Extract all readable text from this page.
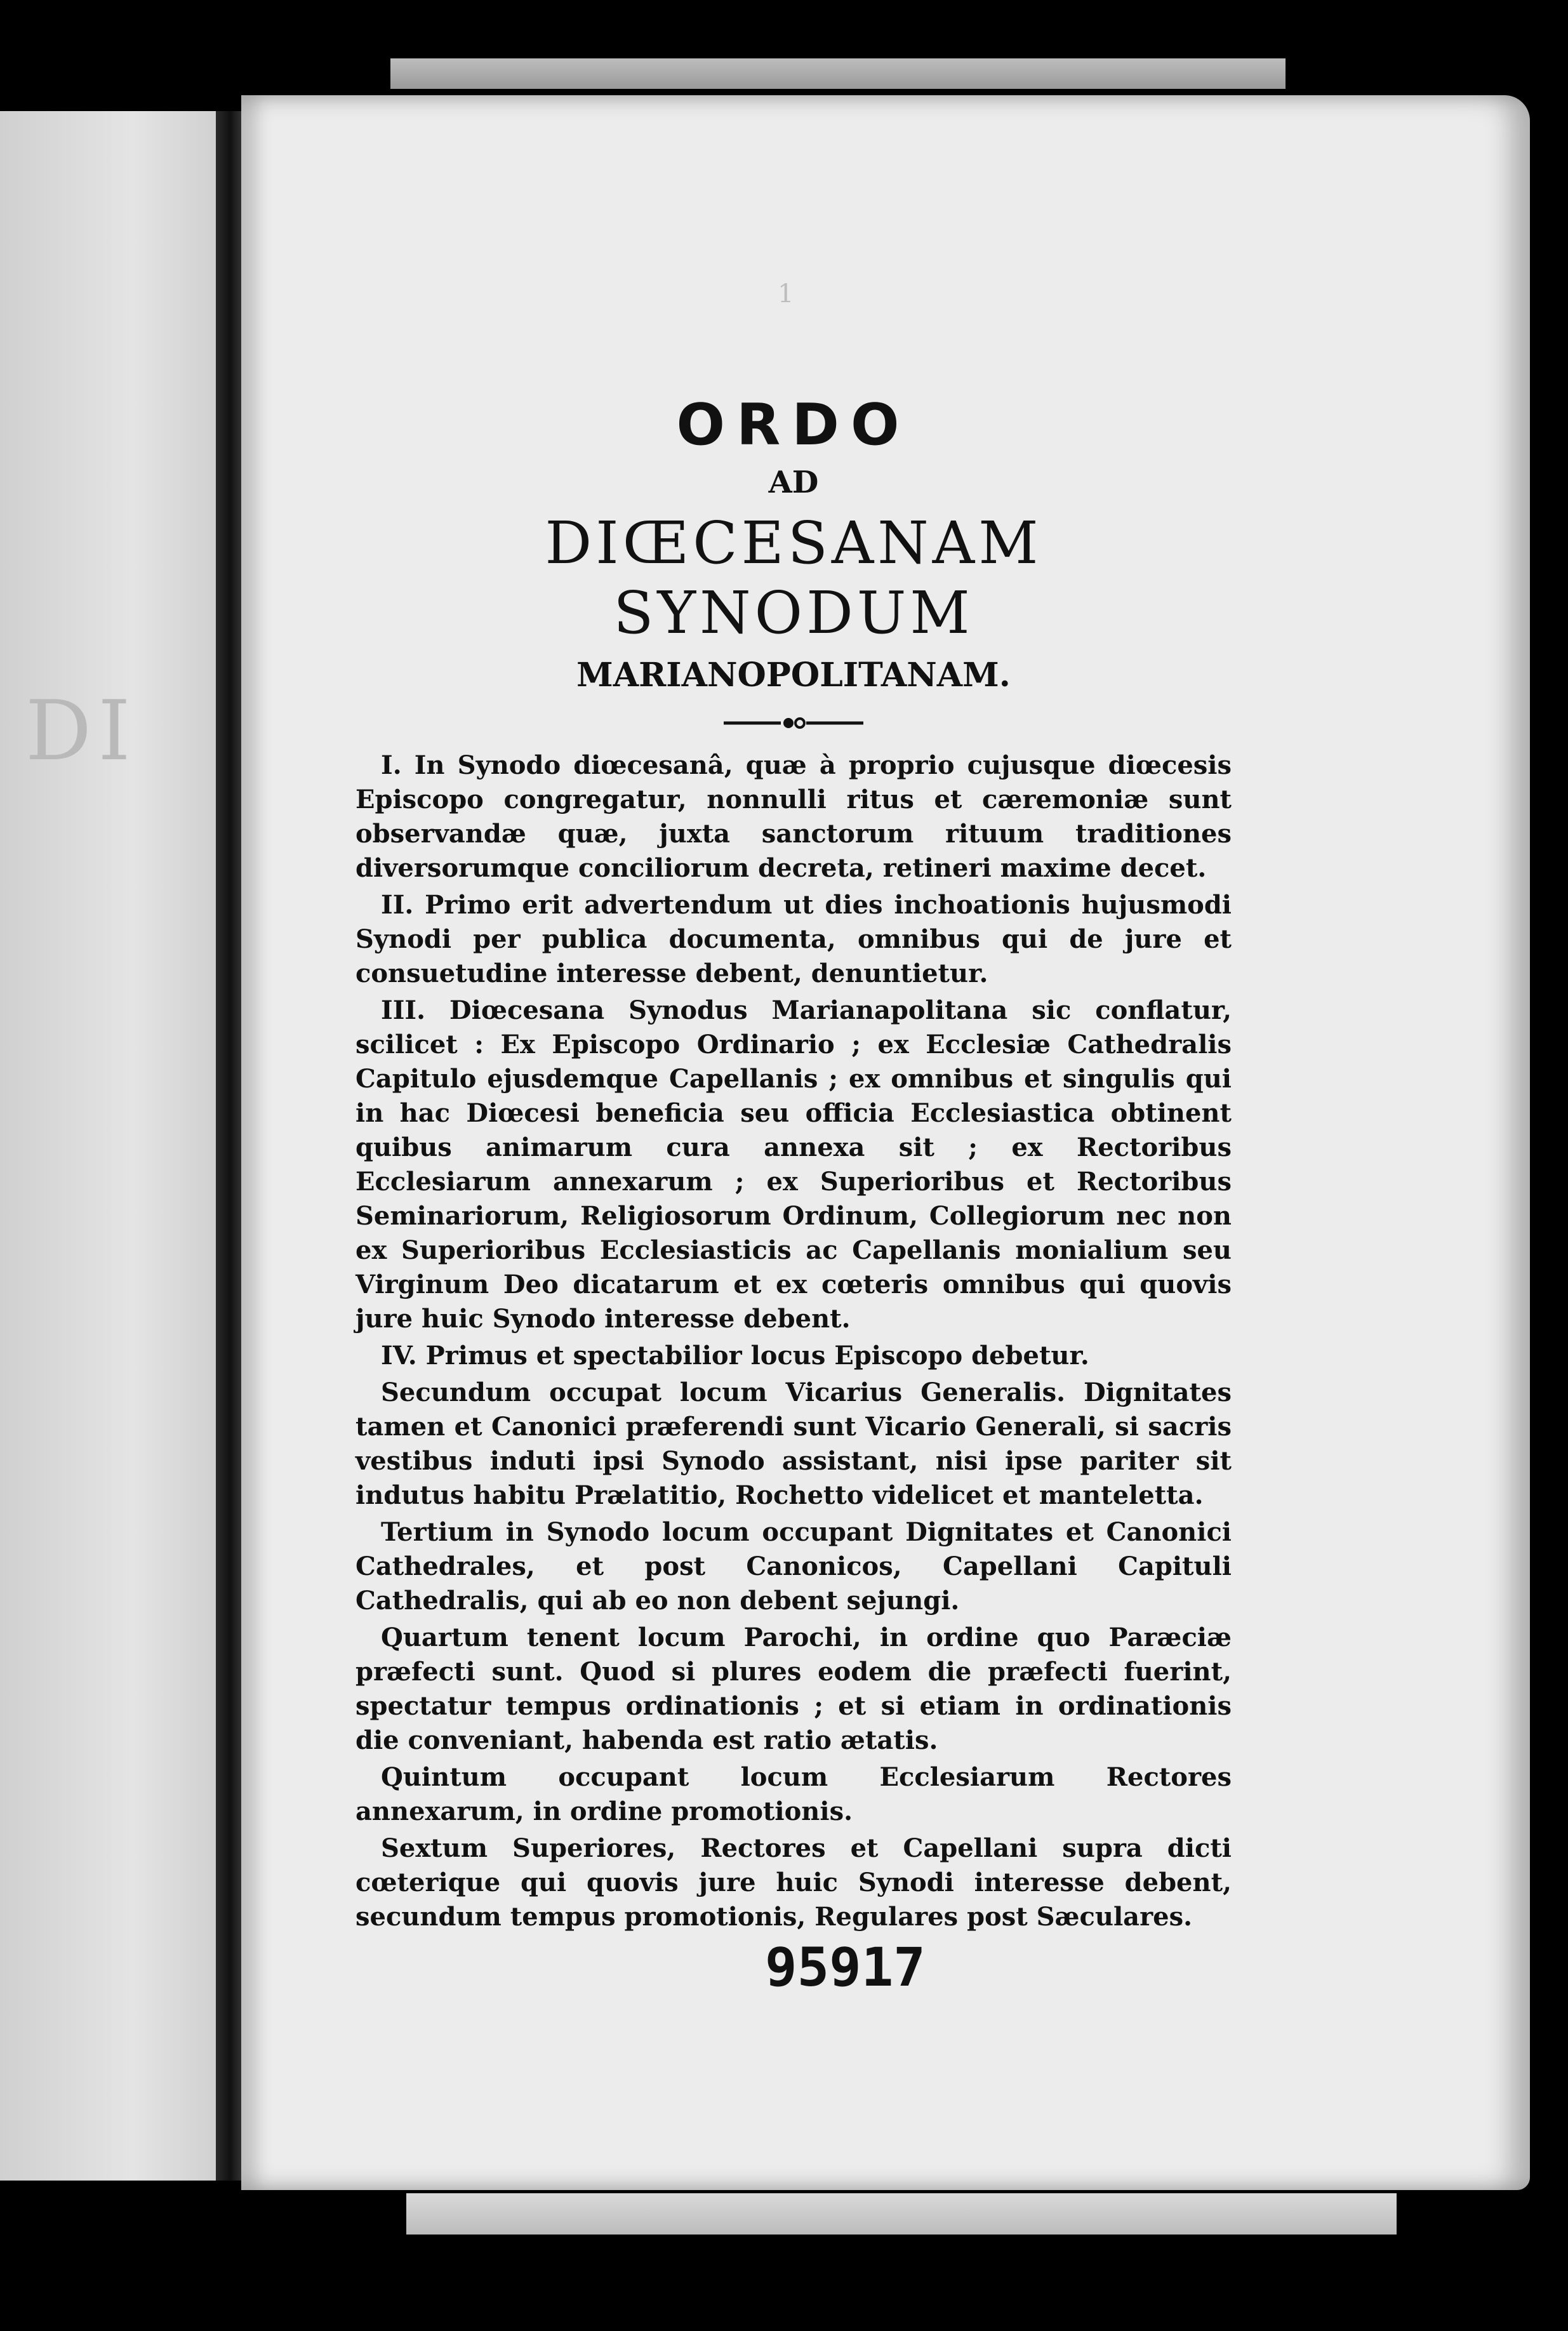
DI
1
ORDO

AD

DIŒCESANAM SYNODUM

MARIANOPOLITANAM.

I. In Synodo diœcesanâ, quæ à proprio cujusque diœcesis Episcopo congregatur, nonnulli ritus et cæremoniæ sunt observandæ quæ, juxta sanctorum rituum traditiones diversorumque conciliorum decreta, retineri maxime decet.

II. Primo erit advertendum ut dies inchoationis hujusmodi Synodi per publica documenta, omnibus qui de jure et consuetudine interesse debent, denuntietur.

III. Diœcesana Synodus Marianapolitana sic conflatur, scilicet : Ex Episcopo Ordinario ; ex Ecclesiæ Cathedralis Capitulo ejusdemque Capellanis ; ex omnibus et singulis qui in hac Diœcesi beneficia seu officia Ecclesiastica obtinent quibus animarum cura annexa sit ; ex Rectoribus Ecclesiarum annexarum ; ex Superioribus et Rectoribus Seminariorum, Religiosorum Ordinum, Collegiorum nec non ex Superioribus Ecclesiasticis ac Capellanis monialium seu Virginum Deo dicatarum et ex cœteris omnibus qui quovis jure huic Synodo interesse debent.

IV. Primus et spectabilior locus Episcopo debetur.

Secundum occupat locum Vicarius Generalis. Dignitates tamen et Canonici præferendi sunt Vicario Generali, si sacris vestibus induti ipsi Synodo assistant, nisi ipse pariter sit indutus habitu Prælatitio, Rochetto videlicet et manteletta.

Tertium in Synodo locum occupant Dignitates et Canonici Cathedrales, et post Canonicos, Capellani Capituli Cathedralis, qui ab eo non debent sejungi.

Quartum tenent locum Parochi, in ordine quo Paræciæ præfecti sunt. Quod si plures eodem die præfecti fuerint, spectatur tempus ordinationis ; et si etiam in ordinationis die conveniant, habenda est ratio ætatis.

Quintum occupant locum Ecclesiarum Rectores annexarum, in ordine promotionis.

Sextum Superiores, Rectores et Capellani supra dicti cœterique qui quovis jure huic Synodi interesse debent, secundum tempus promotionis, Regulares post Sæculares.

95917
